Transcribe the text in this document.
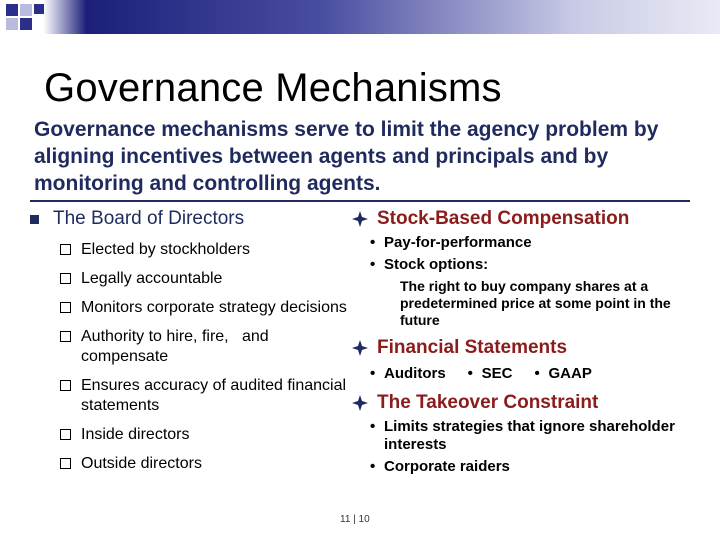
Governance Mechanisms

Governance mechanisms serve to limit the agency problem by aligning incentives between agents and principals and by monitoring and controlling agents.

The Board of Directors
Elected by stockholders
Legally accountable
Monitors corporate strategy decisions
Authority to hire, fire,   and compensate
Ensures accuracy of audited financial statements
Inside directors
Outside directors
Stock-Based Compensation
• Pay-for-performance
• Stock options:
The right to buy company shares at a predetermined price at some point in the future
Financial Statements
• Auditors • SEC • GAAP
The Takeover Constraint
• Limits strategies that ignore shareholder interests
• Corporate raiders
11 | 10
